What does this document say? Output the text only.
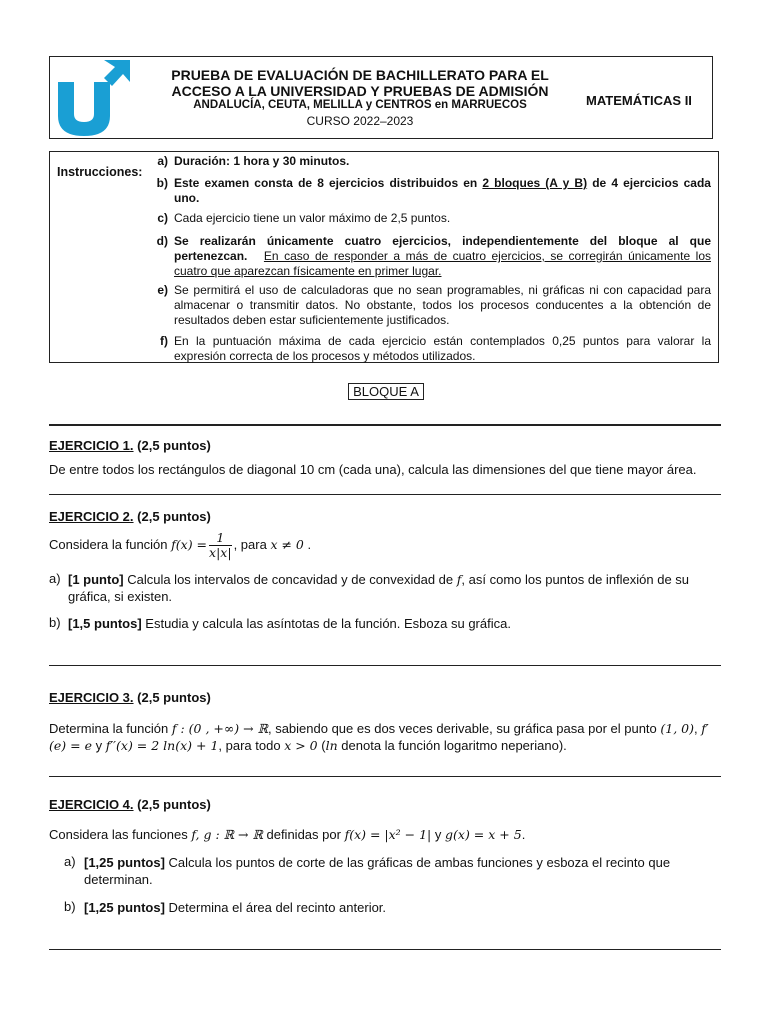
PRUEBA DE EVALUACIÓN DE BACHILLERATO PARA EL
ACCESO A LA UNIVERSIDAD Y PRUEBAS DE ADMISIÓN
ANDALUCÍA, CEUTA, MELILLA y CENTROS en MARRUECOS
CURSO 2022–2023
MATEMÁTICAS II
Instrucciones:
a) Duración: 1 hora y 30 minutos.
b) Este examen consta de 8 ejercicios distribuidos en 2 bloques (A y B) de 4 ejercicios cada uno.
c) Cada ejercicio tiene un valor máximo de 2,5 puntos.
d) Se realizarán únicamente cuatro ejercicios, independientemente del bloque al que pertenezcan. En caso de responder a más de cuatro ejercicios, se corregirán únicamente los cuatro que aparezcan físicamente en primer lugar.
e) Se permitirá el uso de calculadoras que no sean programables, ni gráficas ni con capacidad para almacenar o transmitir datos. No obstante, todos los procesos conducentes a la obtención de resultados deben estar suficientemente justificados.
f) En la puntuación máxima de cada ejercicio están contemplados 0,25 puntos para valorar la expresión correcta de los procesos y métodos utilizados.
BLOQUE A
EJERCICIO 1. (2,5 puntos)
De entre todos los rectángulos de diagonal 10 cm (cada una), calcula las dimensiones del que tiene mayor área.
EJERCICIO 2. (2,5 puntos)
Considera la función $f(x) = \frac{1}{x|x|}$ , para x ≠ 0 .
a) [1 punto] Calcula los intervalos de concavidad y de convexidad de f, así como los puntos de inflexión de su gráfica, si existen.
b) [1,5 puntos] Estudia y calcula las asíntotas de la función. Esboza su gráfica.
EJERCICIO 3. (2,5 puntos)
Determina la función f : (0 , +∞) → ℝ, sabiendo que es dos veces derivable, su gráfica pasa por el punto (1, 0), f′(e) = e y f′′(x) = 2 ln(x) + 1, para todo x > 0 (ln denota la función logaritmo neperiano).
EJERCICIO 4. (2,5 puntos)
Considera las funciones f, g : ℝ → ℝ definidas por f(x) = |x² − 1| y g(x) = x + 5.
a) [1,25 puntos] Calcula los puntos de corte de las gráficas de ambas funciones y esboza el recinto que determinan.
b) [1,25 puntos] Determina el área del recinto anterior.
